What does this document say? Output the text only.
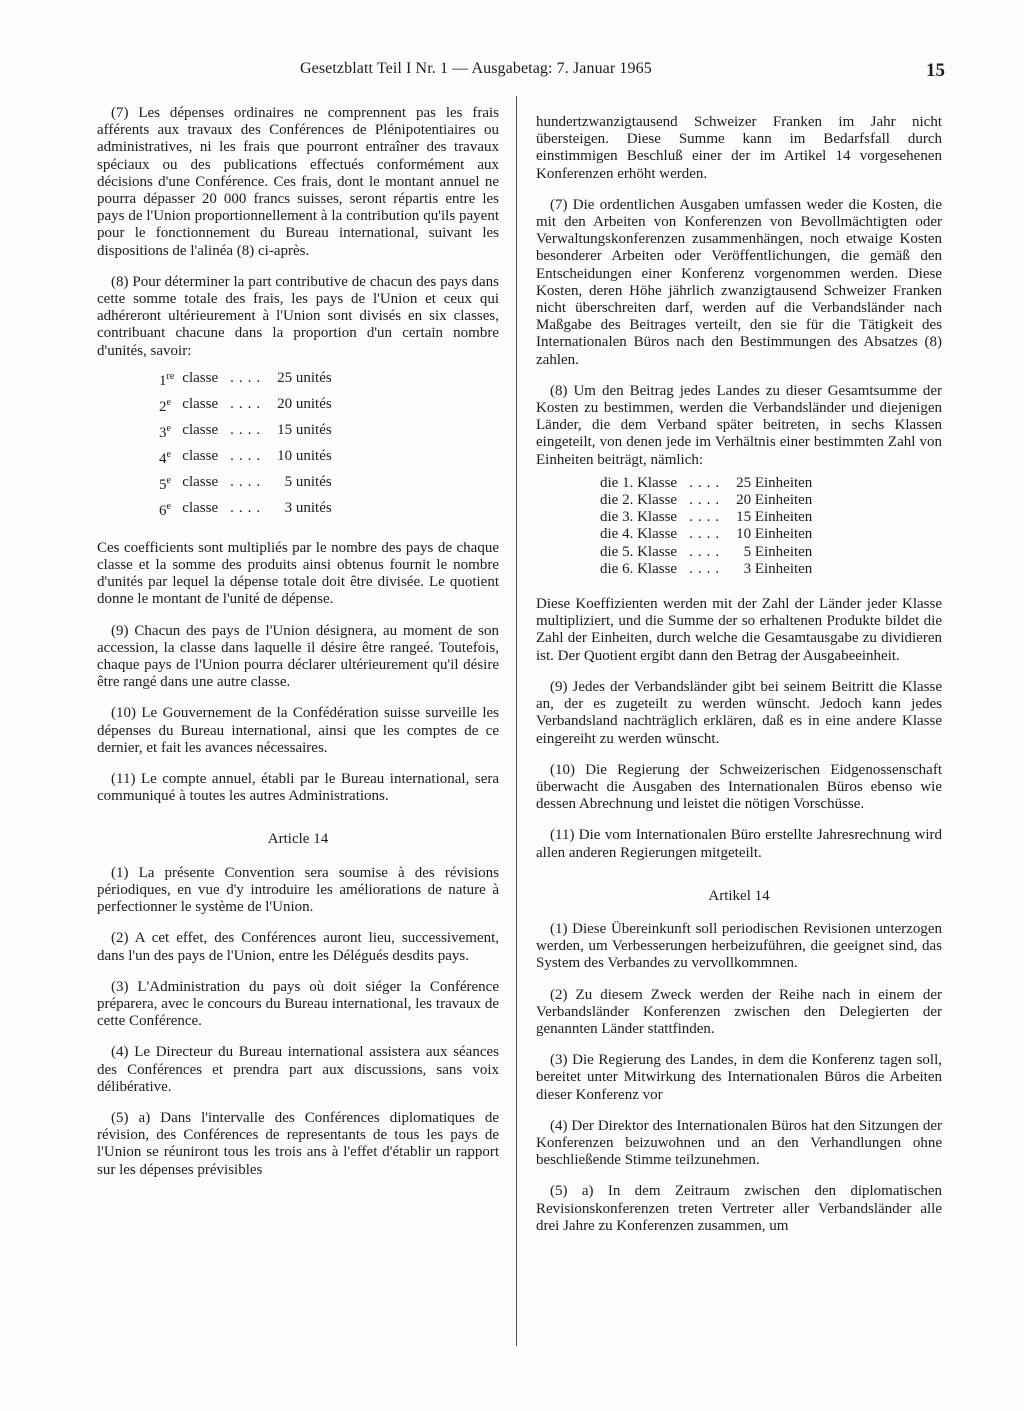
Gesetzblatt Teil I Nr. 1 — Ausgabetag: 7. Januar 1965	15

(7) Les dépenses ordinaires ne comprennent pas les frais afférents aux travaux des Conférences de Plénipotentiaires ou administratives, ni les frais que pourront entraîner des travaux spéciaux ou des publications effectués conformément aux décisions d'une Conférence. Ces frais, dont le montant annuel ne pourra dépasser 20 000 francs suisses, seront répartis entre les pays de l'Union proportionnellement à la contribution qu'ils payent pour le fonctionnement du Bureau international, suivant les dispositions de l'alinéa (8) ci-après.

(8) Pour déterminer la part contributive de chacun des pays dans cette somme totale des frais, les pays de l'Union et ceux qui adhéreront ultérieurement à l'Union sont divisés en six classes, contribuant chacune dans la proportion d'un certain nombre d'unités, savoir:

1re	classe	....	25 unités
2e	classe	....	20 unités
3e	classe	....	15 unités
4e	classe	....	10 unités
5e	classe	....	5 unités
6e	classe	....	3 unités

Ces coefficients sont multipliés par le nombre des pays de chaque classe et la somme des produits ainsi obtenus fournit le nombre d'unités par lequel la dépense totale doit être divisée. Le quotient donne le montant de l'unité de dépense.

(9) Chacun des pays de l'Union désignera, au moment de son accession, la classe dans laquelle il désire être rangeé. Toutefois, chaque pays de l'Union pourra déclarer ultérieurement qu'il désire être rangé dans une autre classe.

(10) Le Gouvernement de la Confédération suisse surveille les dépenses du Bureau international, ainsi que les comptes de ce dernier, et fait les avances nécessaires.

(11) Le compte annuel, établi par le Bureau international, sera communiqué à toutes les autres Administrations.

Article 14

(1) La présente Convention sera soumise à des révisions périodiques, en vue d'y introduire les améliorations de nature à perfectionner le système de l'Union.

(2) A cet effet, des Conférences auront lieu, successivement, dans l'un des pays de l'Union, entre les Délégués desdits pays.

(3) L'Administration du pays où doit siéger la Conférence préparera, avec le concours du Bureau international, les travaux de cette Conférence.

(4) Le Directeur du Bureau international assistera aux séances des Conférences et prendra part aux discussions, sans voix délibérative.

(5) a) Dans l'intervalle des Conférences diplomatiques de révision, des Conférences de representants de tous les pays de l'Union se réuniront tous les trois ans à l'effet d'établir un rapport sur les dépenses prévisibles

hundertzwanzigtausend Schweizer Franken im Jahr nicht übersteigen. Diese Summe kann im Bedarfsfall durch einstimmigen Beschluß einer der im Artikel 14 vorgesehenen Konferenzen erhöht werden.

(7) Die ordentlichen Ausgaben umfassen weder die Kosten, die mit den Arbeiten von Konferenzen von Bevollmächtigten oder Verwaltungskonferenzen zusammenhängen, noch etwaige Kosten besonderer Arbeiten oder Veröffentlichungen, die gemäß den Entscheidungen einer Konferenz vorgenommen werden. Diese Kosten, deren Höhe jährlich zwanzigtausend Schweizer Franken nicht überschreiten darf, werden auf die Verbandsländer nach Maßgabe des Beitrages verteilt, den sie für die Tätigkeit des Internationalen Büros nach den Bestimmungen des Absatzes (8) zahlen.

(8) Um den Beitrag jedes Landes zu dieser Gesamtsumme der Kosten zu bestimmen, werden die Verbandsländer und diejenigen Länder, die dem Verband später beitreten, in sechs Klassen eingeteilt, von denen jede im Verhältnis einer bestimmten Zahl von Einheiten beiträgt, nämlich:

die 1. Klasse	....	25 Einheiten
die 2. Klasse	....	20 Einheiten
die 3. Klasse	....	15 Einheiten
die 4. Klasse	....	10 Einheiten
die 5. Klasse	....	5 Einheiten
die 6. Klasse	....	3 Einheiten

Diese Koeffizienten werden mit der Zahl der Länder jeder Klasse multipliziert, und die Summe der so erhaltenen Produkte bildet die Zahl der Einheiten, durch welche die Gesamtausgabe zu dividieren ist. Der Quotient ergibt dann den Betrag der Ausgabeeinheit.

(9) Jedes der Verbandsländer gibt bei seinem Beitritt die Klasse an, der es zugeteilt zu werden wünscht. Jedoch kann jedes Verbandsland nachträglich erklären, daß es in eine andere Klasse eingereiht zu werden wünscht.

(10) Die Regierung der Schweizerischen Eidgenossenschaft überwacht die Ausgaben des Internationalen Büros ebenso wie dessen Abrechnung und leistet die nötigen Vorschüsse.

(11) Die vom Internationalen Büro erstellte Jahresrechnung wird allen anderen Regierungen mitgeteilt.

Artikel 14

(1) Diese Übereinkunft soll periodischen Revisionen unterzogen werden, um Verbesserungen herbeizuführen, die geeignet sind, das System des Verbandes zu vervollkommnen.

(2) Zu diesem Zweck werden der Reihe nach in einem der Verbandsländer Konferenzen zwischen den Delegierten der genannten Länder stattfinden.

(3) Die Regierung des Landes, in dem die Konferenz tagen soll, bereitet unter Mitwirkung des Internationalen Büros die Arbeiten dieser Konferenz vor

(4) Der Direktor des Internationalen Büros hat den Sitzungen der Konferenzen beizuwohnen und an den Verhandlungen ohne beschließende Stimme teilzunehmen.

(5) a) In dem Zeitraum zwischen den diplomatischen Revisionskonferenzen treten Vertreter aller Verbandsländer alle drei Jahre zu Konferenzen zusammen, um
